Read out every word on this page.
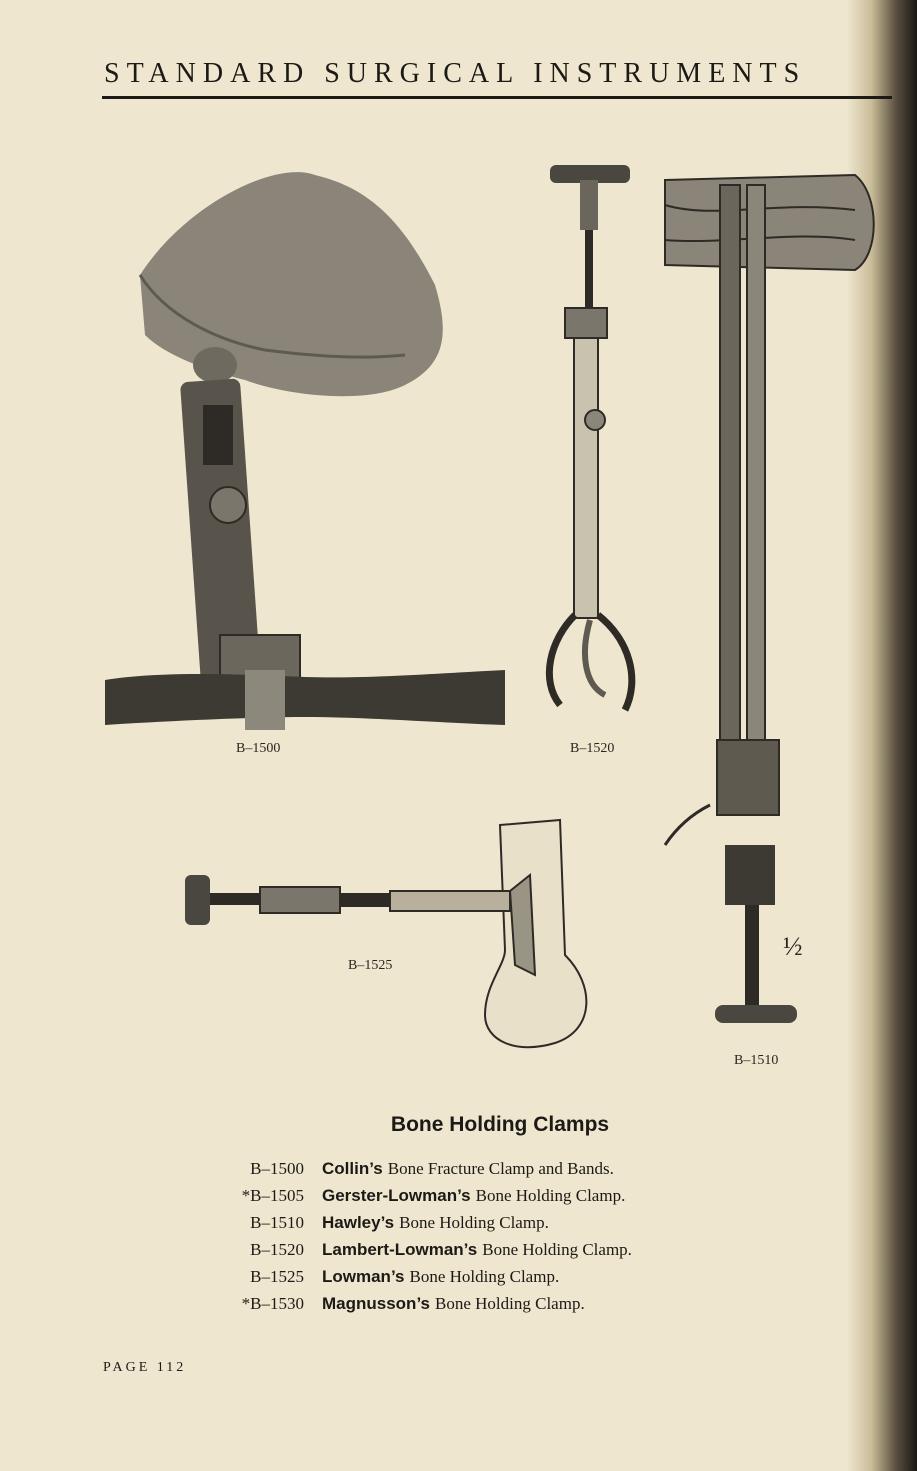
STANDARD SURGICAL INSTRUMENTS
B–1500	B–1520
B–1525
½
B–1510
Bone Holding Clamps
B–1500	Collin’s Bone Fracture Clamp and Bands.
*B–1505	Gerster-Lowman’s Bone Holding Clamp.
B–1510	Hawley’s Bone Holding Clamp.
B–1520	Lambert-Lowman’s Bone Holding Clamp.
B–1525	Lowman’s Bone Holding Clamp.
*B–1530	Magnusson’s Bone Holding Clamp.
PAGE 112
